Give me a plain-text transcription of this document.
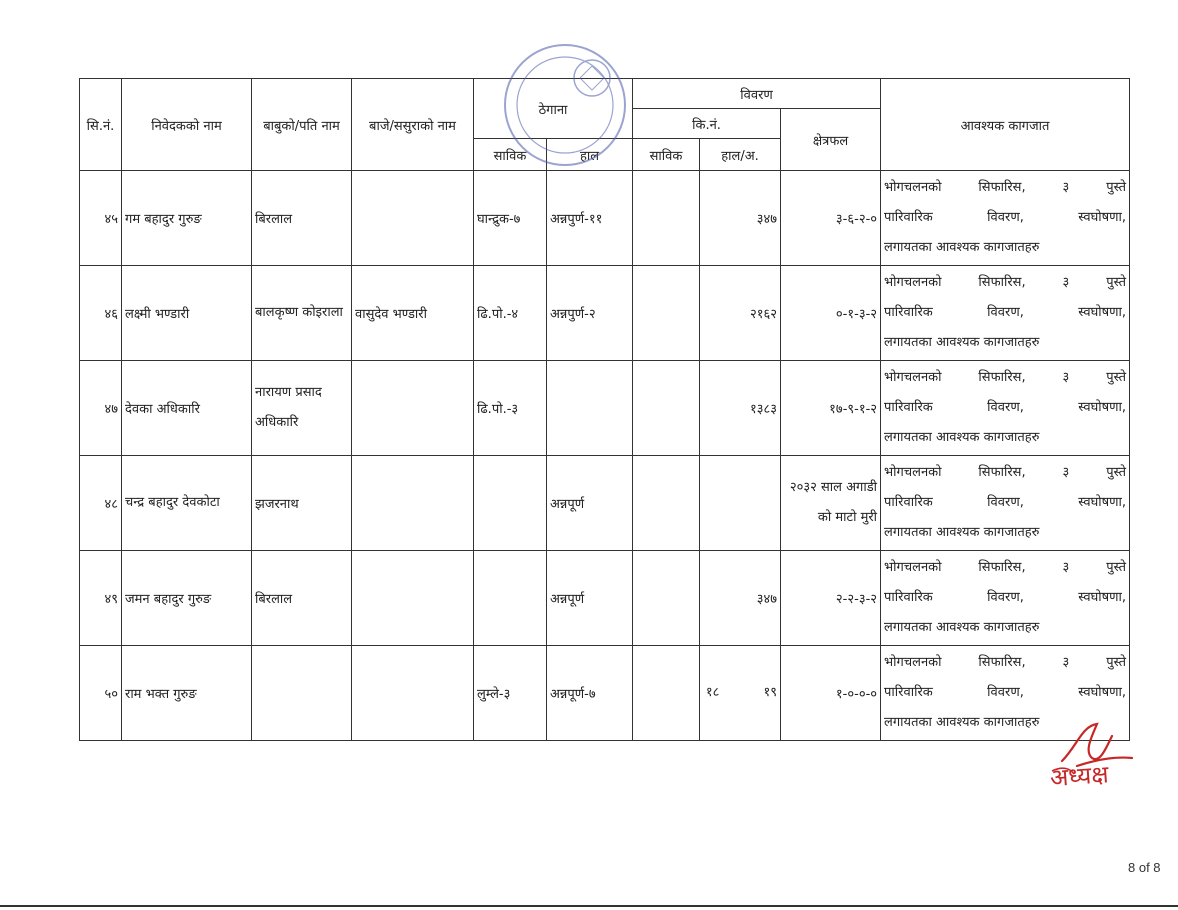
सि.नं.	निवेदकको नाम	बाबुको/पति नाम	बाजे/ससुराको नाम	ठेगाना		विवरण			आवश्यक कागजात
						कि.नं.		क्षेत्रफल	
				साविक	हाल	साविक	हाल/अ.		
४५	गम बहादुर गुरुङ	बिरलाल		घान्द्रुक-७	अन्नपुर्ण-११		३४७	३-६-२-०	भोगचलनको सिफारिस, ३ पुस्ते
पारिवारिक विवरण, स्वघोषणा,
लगायतका आवश्यक कागजातहरु

४६	लक्ष्मी भण्डारी	बालकृष्ण कोइराला	वासुदेव भण्डारी	ढि.पो.-४	अन्नपुर्ण-२		२१६२	०-१-३-२	भोगचलनको सिफारिस, ३ पुस्ते
पारिवारिक विवरण, स्वघोषणा,
लगायतका आवश्यक कागजातहरु

४७	देवका अधिकारि	नारायण प्रसाद अधिकारि		ढि.पो.-३			१३८३	१७-९-१-२	भोगचलनको सिफारिस, ३ पुस्ते
पारिवारिक विवरण, स्वघोषणा,
लगायतका आवश्यक कागजातहरु

४८	चन्द्र बहादुर देवकोटा	झजरनाथ			अन्नपूर्ण			२०३२ साल अगाडी को माटो मुरी	भोगचलनको सिफारिस, ३ पुस्ते
पारिवारिक विवरण, स्वघोषणा,
लगायतका आवश्यक कागजातहरु

४९	जमन बहादुर गुरुङ	बिरलाल			अन्नपूर्ण		३४७	२-२-३-२	भोगचलनको सिफारिस, ३ पुस्ते
पारिवारिक विवरण, स्वघोषणा,
लगायतका आवश्यक कागजातहरु

५०	राम भक्त गुरुङ			लुम्ले-३	अन्नपूर्ण-७		१८ १९	१-०-०-०	भोगचलनको सिफारिस, ३ पुस्ते
पारिवारिक विवरण, स्वघोषणा,
लगायतका आवश्यक कागजातहरु
अध्यक्ष
8 of 8
